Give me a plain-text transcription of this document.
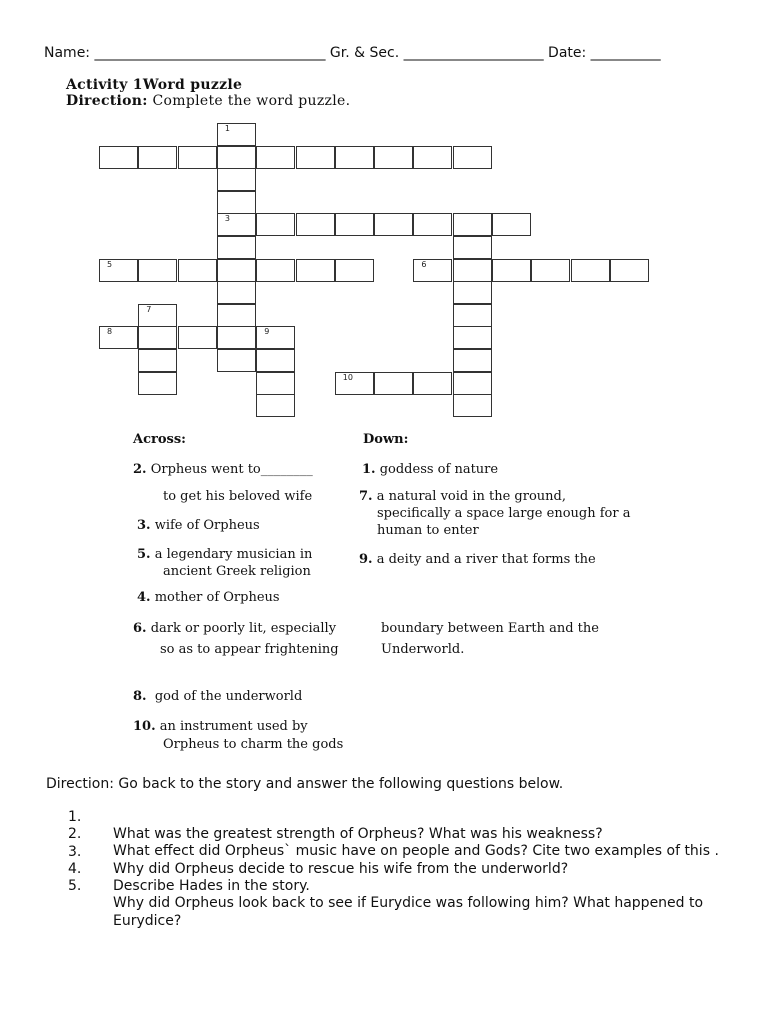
Name: _________________________________ Gr. & Sec. ____________________ Date: __________
Activity 1Word puzzle
Direction: Complete the word puzzle.
1
3
5	6
7
8	9
10
Across:	Down:
2. Orpheus went to________
to get his beloved wife
3. wife of Orpheus
5. a legendary musician in
ancient Greek religion
4. mother of Orpheus
6. dark or poorly lit, especially
so as to appear frightening
8.  god of the underworld
10. an instrument used by
Orpheus to charm the gods
1. goddess of nature
7. a natural void in the ground,
specifically a space large enough for a
human to enter
9. a deity and a river that forms the
boundary between Earth and the
Underworld.
Direction: Go back to the story and answer the following questions below.

1.

What was the greatest strength of Orpheus? What was his weakness?

2.

What effect did Orpheus` music have on people and Gods? Cite two examples of this .

3.

Why did Orpheus decide to rescue his wife from the underworld?

4.

Describe Hades in the story.

5.

Why did Orpheus look back to see if Eurydice was following him? What happened to Eurydice?
